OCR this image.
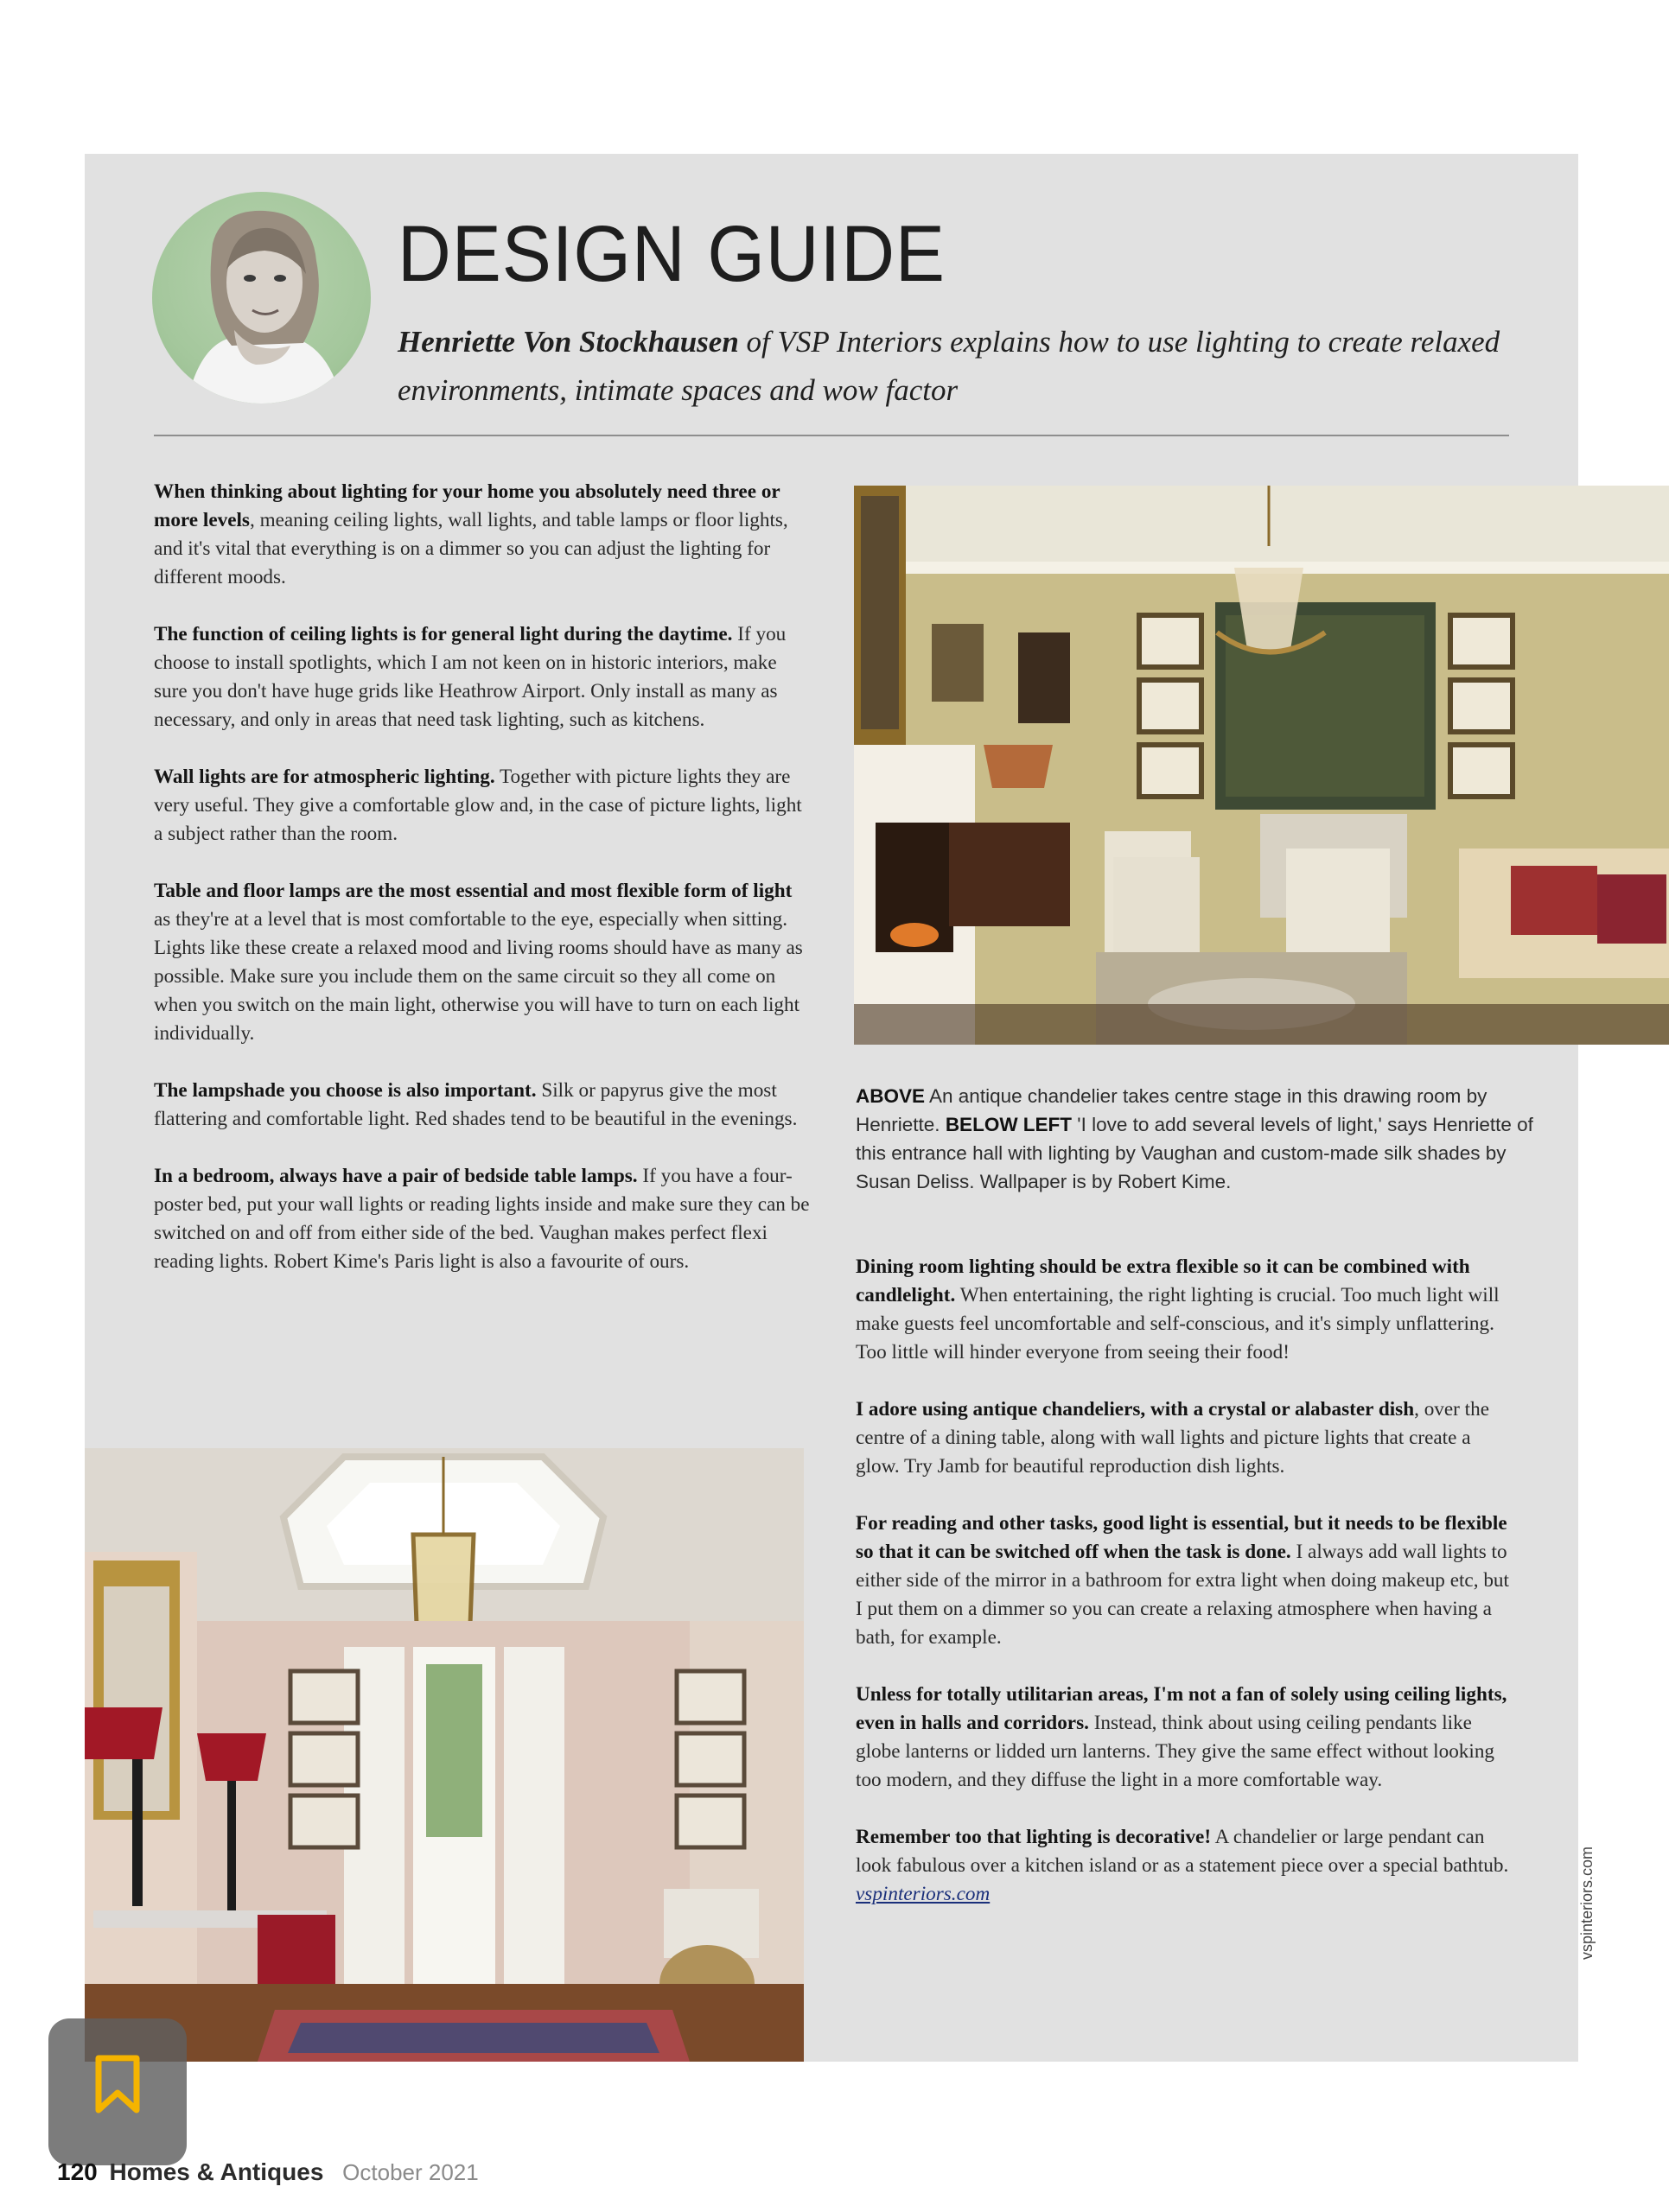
DESIGN GUIDE
Henriette Von Stockhausen of VSP Interiors explains how to use lighting to create relaxed environments, intimate spaces and wow factor

When thinking about lighting for your home you absolutely need three or more levels, meaning ceiling lights, wall lights, and table lamps or floor lights, and it's vital that everything is on a dimmer so you can adjust the lighting for different moods.

The function of ceiling lights is for general light during the daytime. If you choose to install spotlights, which I am not keen on in historic interiors, make sure you don't have huge grids like Heathrow Airport. Only install as many as necessary, and only in areas that need task lighting, such as kitchens.

Wall lights are for atmospheric lighting. Together with picture lights they are very useful. They give a comfortable glow and, in the case of picture lights, light a subject rather than the room.

Table and floor lamps are the most essential and most flexible form of light as they're at a level that is most comfortable to the eye, especially when sitting. Lights like these create a relaxed mood and living rooms should have as many as possible. Make sure you include them on the same circuit so they all come on when you switch on the main light, otherwise you will have to turn on each light individually.

The lampshade you choose is also important. Silk or papyrus give the most flattering and comfortable light. Red shades tend to be beautiful in the evenings.

In a bedroom, always have a pair of bedside table lamps. If you have a four-poster bed, put your wall lights or reading lights inside and make sure they can be switched on and off from either side of the bed. Vaughan makes perfect flexi reading lights. Robert Kime's Paris light is also a favourite of ours.

ABOVE An antique chandelier takes centre stage in this drawing room by Henriette. BELOW LEFT 'I love to add several levels of light,' says Henriette of this entrance hall with lighting by Vaughan and custom-made silk shades by Susan Deliss. Wallpaper is by Robert Kime.

Dining room lighting should be extra flexible so it can be combined with candlelight. When entertaining, the right lighting is crucial. Too much light will make guests feel uncomfortable and self-conscious, and it's simply unflattering. Too little will hinder everyone from seeing their food!

I adore using antique chandeliers, with a crystal or alabaster dish, over the centre of a dining table, along with wall lights and picture lights that create a glow. Try Jamb for beautiful reproduction dish lights.

For reading and other tasks, good light is essential, but it needs to be flexible so that it can be switched off when the task is done. I always add wall lights to either side of the mirror in a bathroom for extra light when doing makeup etc, but I put them on a dimmer so you can create a relaxing atmosphere when having a bath, for example.

Unless for totally utilitarian areas, I'm not a fan of solely using ceiling lights, even in halls and corridors. Instead, think about using ceiling pendants like globe lanterns or lidded urn lanterns. They give the same effect without looking too modern, and they diffuse the light in a more comfortable way.

Remember too that lighting is decorative! A chandelier or large pendant can look fabulous over a kitchen island or as a statement piece over a special bathtub. vspinteriors.com	vspinteriors.com
120 Homes & Antiques October 2021
